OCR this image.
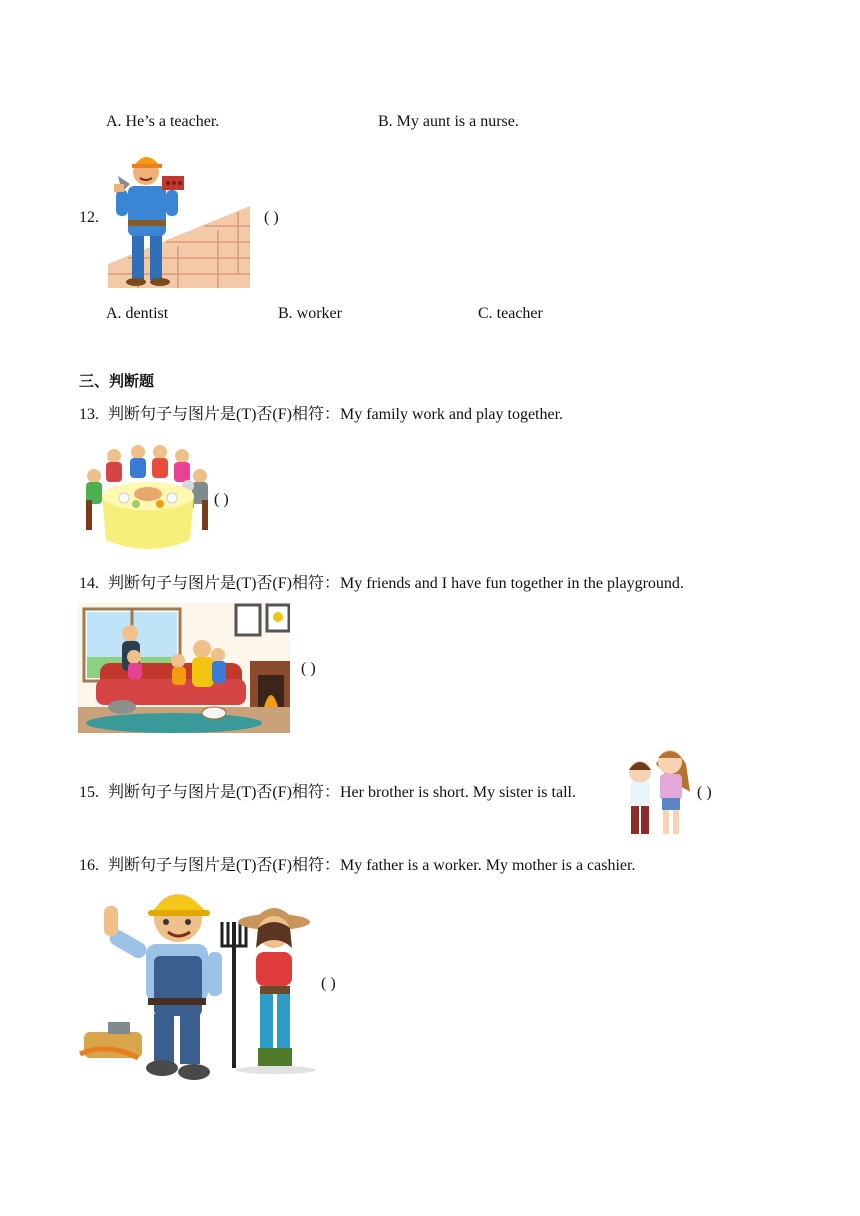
A. He’s a teacher.	B. My aunt is a nurse.
12.	( )
A. dentist	B. worker	C. teacher
三、判断题
13. 判断句子与图片是(T)否(F)相符：My family work and play together.
( )
14. 判断句子与图片是(T)否(F)相符：My friends and I have fun together in the playground.
( )
15. 判断句子与图片是(T)否(F)相符：Her brother is short. My sister is tall.	( )
16. 判断句子与图片是(T)否(F)相符：My father is a worker. My mother is a cashier.
( )
